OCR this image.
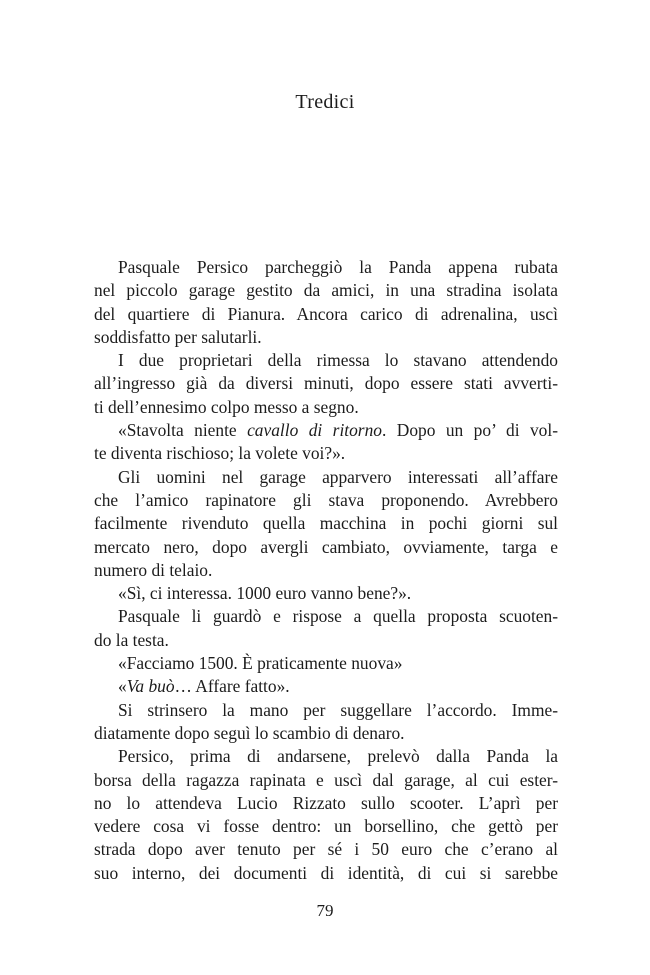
Tredici
Pasquale Persico parcheggiò la Panda appena rubata
nel piccolo garage gestito da amici, in una stradina isolata
del quartiere di Pianura. Ancora carico di adrenalina, uscì
soddisfatto per salutarli.
I due proprietari della rimessa lo stavano attendendo
all’ingresso già da diversi minuti, dopo essere stati avverti-
ti dell’ennesimo colpo messo a segno.
«Stavolta niente cavallo di ritorno. Dopo un po’ di vol-
te diventa rischioso; la volete voi?».
Gli uomini nel garage apparvero interessati all’affare
che l’amico rapinatore gli stava proponendo. Avrebbero
facilmente rivenduto quella macchina in pochi giorni sul
mercato nero, dopo avergli cambiato, ovviamente, targa e
numero di telaio.
«Sì, ci interessa. 1000 euro vanno bene?».
Pasquale li guardò e rispose a quella proposta scuoten-
do la testa.
«Facciamo 1500. È praticamente nuova»
«Va buò… Affare fatto».
Si strinsero la mano per suggellare l’accordo. Imme-
diatamente dopo seguì lo scambio di denaro.
Persico, prima di andarsene, prelevò dalla Panda la
borsa della ragazza rapinata e uscì dal garage, al cui ester-
no lo attendeva Lucio Rizzato sullo scooter. L’aprì per
vedere cosa vi fosse dentro: un borsellino, che gettò per
strada dopo aver tenuto per sé i 50 euro che c’erano al
suo interno, dei documenti di identità, di cui si sarebbe
79
